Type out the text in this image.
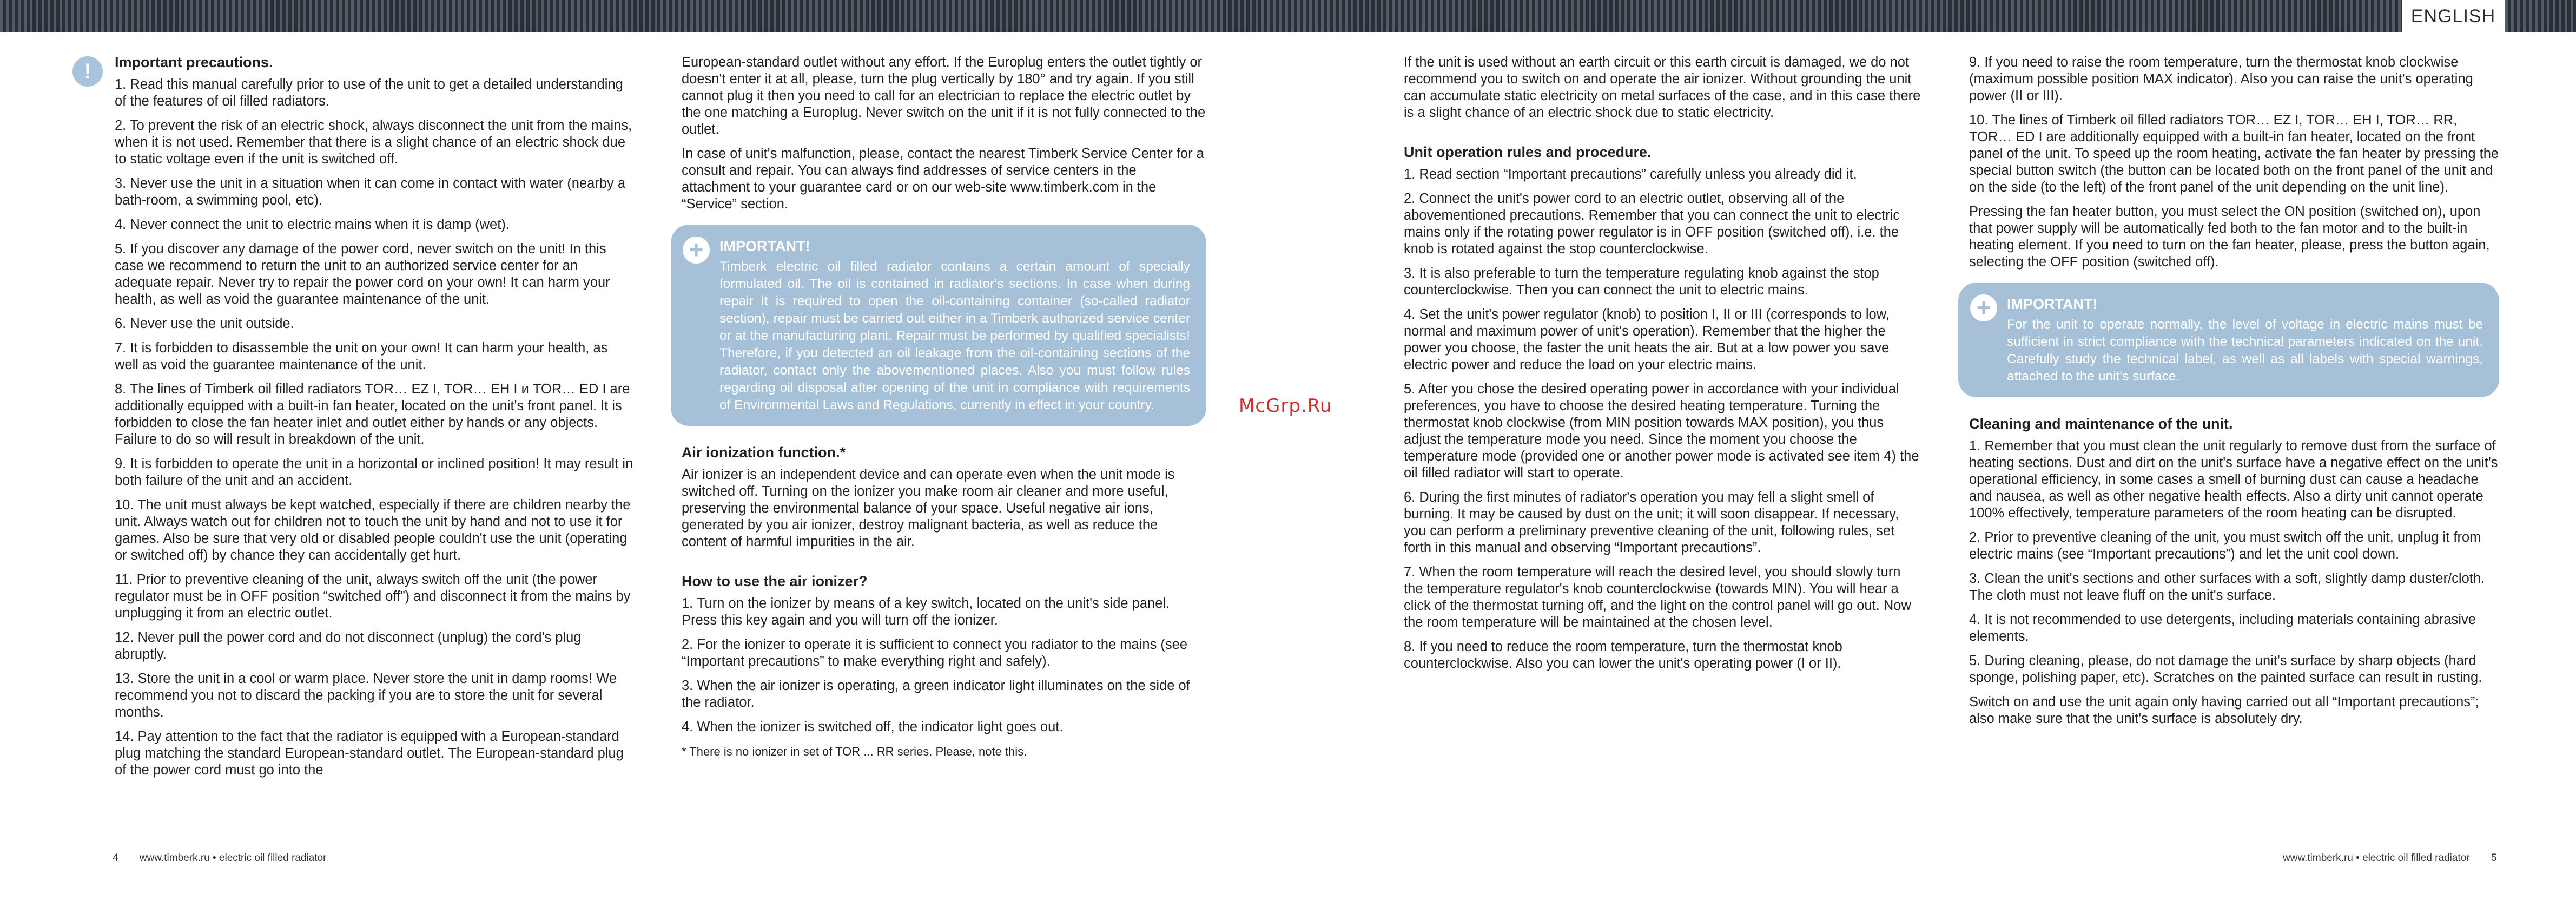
ENGLISH
!	Important precautions.

1. Read this manual carefully prior to use of the unit to get a detailed understanding of the features of oil filled radiators.

2. To prevent the risk of an electric shock, always disconnect the unit from the mains, when it is not used. Remember that there is a slight chance of an electric shock due to static voltage even if the unit is switched off.

3. Never use the unit in a situation when it can come in contact with water (nearby a bath-room, a swimming pool, etc).

4. Never connect the unit to electric mains when it is damp (wet).

5. If you discover any damage of the power cord, never switch on the unit! In this case we recommend to return the unit to an authorized service center for an adequate repair. Never try to repair the power cord on your own! It can harm your health, as well as void the guarantee maintenance of the unit.

6. Never use the unit outside.

7. It is forbidden to disassemble the unit on your own! It can harm your health, as well as void the guarantee maintenance of the unit.

8. The lines of Timberk oil filled radiators TOR… EZ I, TOR… EH I и TOR… ED I are additionally equipped with a built-in fan heater, located on the unit's front panel. It is forbidden to close the fan heater inlet and outlet either by hands or any objects. Failure to do so will result in breakdown of the unit.

9. It is forbidden to operate the unit in a horizontal or inclined position! It may result in both failure of the unit and an accident.

10. The unit must always be kept watched, especially if there are children nearby the unit. Always watch out for children not to touch the unit by hand and not to use it for games. Also be sure that very old or disabled people couldn't use the unit (operating or switched off) by chance they can accidentally get hurt.

11. Prior to preventive cleaning of the unit, always switch off the unit (the power regulator must be in OFF position “switched off”) and disconnect it from the mains by unplugging it from an electric outlet.

12. Never pull the power cord and do not disconnect (unplug) the cord's plug abruptly.

13. Store the unit in a cool or warm place. Never store the unit in damp rooms! We recommend you not to discard the packing if you are to store the unit for several months.

14. Pay attention to the fact that the radiator is equipped with a European-standard plug matching the standard European-standard outlet. The European-standard plug of the power cord must go into the

European-standard outlet without any effort. If the Europlug enters the outlet tightly or doesn't enter it at all, please, turn the plug vertically by 180° and try again. If you still cannot plug it then you need to call for an electrician to replace the electric outlet by the one matching a Europlug. Never switch on the unit if it is not fully connected to the outlet.

In case of unit's malfunction, please, contact the nearest Timberk Service Center for a consult and repair. You can always find addresses of service centers in the attachment to your guarantee card or on our web-site www.timberk.com in the “Service” section.

+	IMPORTANT!
Timberk electric oil filled radiator contains a certain amount of specially formulated oil. The oil is contained in radiator's sections. In case when during repair it is required to open the oil-containing container (so-called radiator section), repair must be carried out either in a Timberk authorized service center or at the manufacturing plant. Repair must be performed by qualified specialists! Therefore, if you detected an oil leakage from the oil-containing sections of the radiator, contact only the abovementioned places. Also you must follow rules regarding oil disposal after opening of the unit in compliance with requirements of Environmental Laws and Regulations, currently in effect in your country.
Air ionization function.*

Air ionizer is an independent device and can operate even when the unit mode is switched off. Turning on the ionizer you make room air cleaner and more useful, preserving the environmental balance of your space. Useful negative air ions, generated by you air ionizer, destroy malignant bacteria, as well as reduce the content of harmful impurities in the air.

How to use the air ionizer?

1. Turn on the ionizer by means of a key switch, located on the unit's side panel. Press this key again and you will turn off the ionizer.

2. For the ionizer to operate it is sufficient to connect you radiator to the mains (see “Important precautions” to make everything right and safely).

3. When the air ionizer is operating, a green indicator light illuminates on the side of the radiator.

4. When the ionizer is switched off, the indicator light goes out.

* There is no ionizer in set of TOR ... RR series. Please, note this.

McGrp.Ru

If the unit is used without an earth circuit or this earth circuit is damaged, we do not recommend you to switch on and operate the air ionizer. Without grounding the unit can accumulate static electricity on metal surfaces of the case, and in this case there is a slight chance of an electric shock due to static electricity.

Unit operation rules and procedure.

1. Read section “Important precautions” carefully unless you already did it.

2. Connect the unit's power cord to an electric outlet, observing all of the abovementioned precautions. Remember that you can connect the unit to electric mains only if the rotating power regulator is in OFF position (switched off), i.e. the knob is rotated against the stop counterclockwise.

3. It is also preferable to turn the temperature regulating knob against the stop counterclockwise. Then you can connect the unit to electric mains.

4. Set the unit's power regulator (knob) to position I, II or III (corresponds to low, normal and maximum power of unit's operation). Remember that the higher the power you choose, the faster the unit heats the air. But at a low power you save electric power and reduce the load on your electric mains.

5. After you chose the desired operating power in accordance with your individual preferences, you have to choose the desired heating temperature. Turning the thermostat knob clockwise (from MIN position towards MAX position), you thus adjust the temperature mode you need. Since the moment you choose the temperature mode (provided one or another power mode is activated see item 4) the oil filled radiator will start to operate.

6. During the first minutes of radiator's operation you may fell a slight smell of burning. It may be caused by dust on the unit; it will soon disappear. If necessary, you can perform a preliminary preventive cleaning of the unit, following rules, set forth in this manual and observing “Important precautions”.

7. When the room temperature will reach the desired level, you should slowly turn the temperature regulator's knob counterclockwise (towards MIN). You will hear a click of the thermostat turning off, and the light on the control panel will go out. Now the room temperature will be maintained at the chosen level.

8. If you need to reduce the room temperature, turn the thermostat knob counterclockwise. Also you can lower the unit's operating power (I or II).

9. If you need to raise the room temperature, turn the thermostat knob clockwise (maximum possible position MAX indicator). Also you can raise the unit's operating power (II or III).

10. The lines of Timberk oil filled radiators TOR… EZ I, TOR… EH I, TOR… RR, TOR… ED I are additionally equipped with a built-in fan heater, located on the front panel of the unit. To speed up the room heating, activate the fan heater by pressing the special button switch (the button can be located both on the front panel of the unit and on the side (to the left) of the front panel of the unit depending on the unit line).

Pressing the fan heater button, you must select the ON position (switched on), upon that power supply will be automatically fed both to the fan motor and to the built-in heating element. If you need to turn on the fan heater, please, press the button again, selecting the OFF position (switched off).

+	IMPORTANT!
For the unit to operate normally, the level of voltage in electric mains must be sufficient in strict compliance with the technical parameters indicated on the unit. Carefully study the technical label, as well as all labels with special warnings, attached to the unit's surface.
Cleaning and maintenance of the unit.

1. Remember that you must clean the unit regularly to remove dust from the surface of heating sections. Dust and dirt on the unit's surface have a negative effect on the unit's operational efficiency, in some cases a smell of burning dust can cause a headache and nausea, as well as other negative health effects. Also a dirty unit cannot operate 100% effectively, temperature parameters of the room heating can be disrupted.

2. Prior to preventive cleaning of the unit, you must switch off the unit, unplug it from electric mains (see “Important precautions”) and let the unit cool down.

3. Clean the unit's sections and other surfaces with a soft, slightly damp duster/cloth. The cloth must not leave fluff on the unit's surface.

4. It is not recommended to use detergents, including materials containing abrasive elements.

5. During cleaning, please, do not damage the unit's surface by sharp objects (hard sponge, polishing paper, etc). Scratches on the painted surface can result in rusting.

Switch on and use the unit again only having carried out all “Important precautions”; also make sure that the unit's surface is absolutely dry.

4 www.timberk.ru • electric oil filled radiator	www.timberk.ru • electric oil filled radiator 5
